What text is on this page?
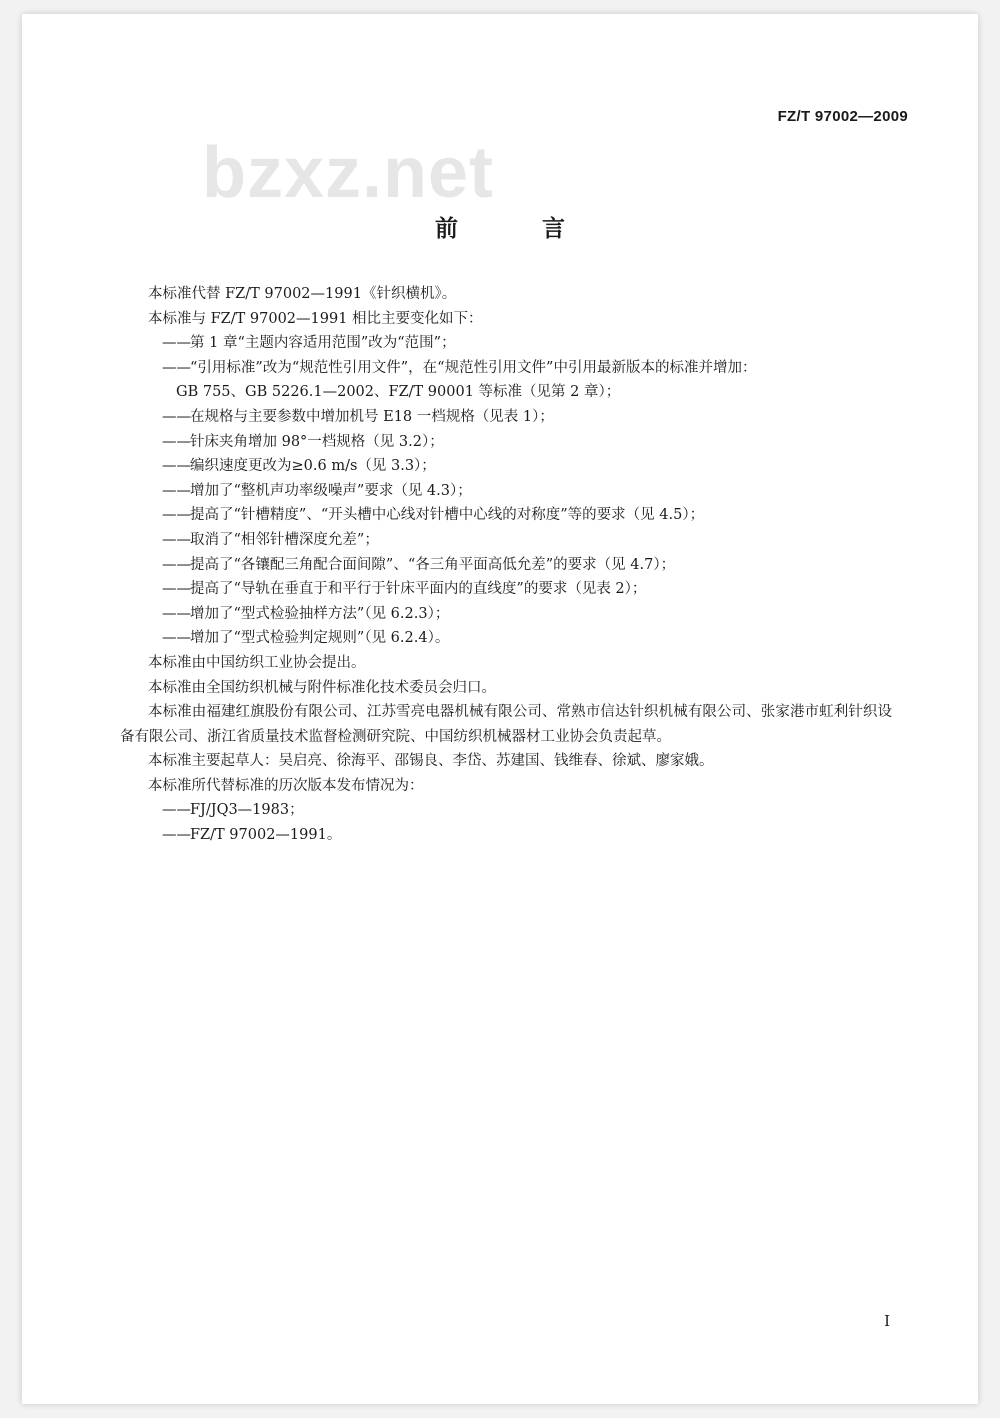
FZ/T 97002—2009
bzxz.net
前 言

本标准代替 FZ/T 97002—1991《针织横机》。

本标准与 FZ/T 97002—1991 相比主要变化如下：

——第 1 章“主题内容适用范围”改为“范围”；

——“引用标准”改为“规范性引用文件”，在“规范性引用文件”中引用最新版本的标准并增加：
GB 755、GB 5226.1—2002、FZ/T 90001 等标准（见第 2 章）；

——在规格与主要参数中增加机号 E18 一档规格（见表 1）；

——针床夹角增加 98°一档规格（见 3.2）；

——编织速度更改为≥0.6 m/s（见 3.3）；

——增加了“整机声功率级噪声”要求（见 4.3）；

——提高了“针槽精度”、“开头槽中心线对针槽中心线的对称度”等的要求（见 4.5）；

——取消了“相邻针槽深度允差”；

——提高了“各镶配三角配合面间隙”、“各三角平面高低允差”的要求（见 4.7）；

——提高了“导轨在垂直于和平行于针床平面内的直线度”的要求（见表 2）；

——增加了“型式检验抽样方法”（见 6.2.3）；

——增加了“型式检验判定规则”（见 6.2.4）。

本标准由中国纺织工业协会提出。

本标准由全国纺织机械与附件标准化技术委员会归口。

本标准由福建红旗股份有限公司、江苏雪亮电器机械有限公司、常熟市信达针织机械有限公司、张家港市虹利针织设备有限公司、浙江省质量技术监督检测研究院、中国纺织机械器材工业协会负责起草。

本标准主要起草人：吴启亮、徐海平、邵锡良、李岱、苏建国、钱维春、徐斌、廖家娥。

本标准所代替标准的历次版本发布情况为：

——FJ/JQ3—1983；

——FZ/T 97002—1991。

I
